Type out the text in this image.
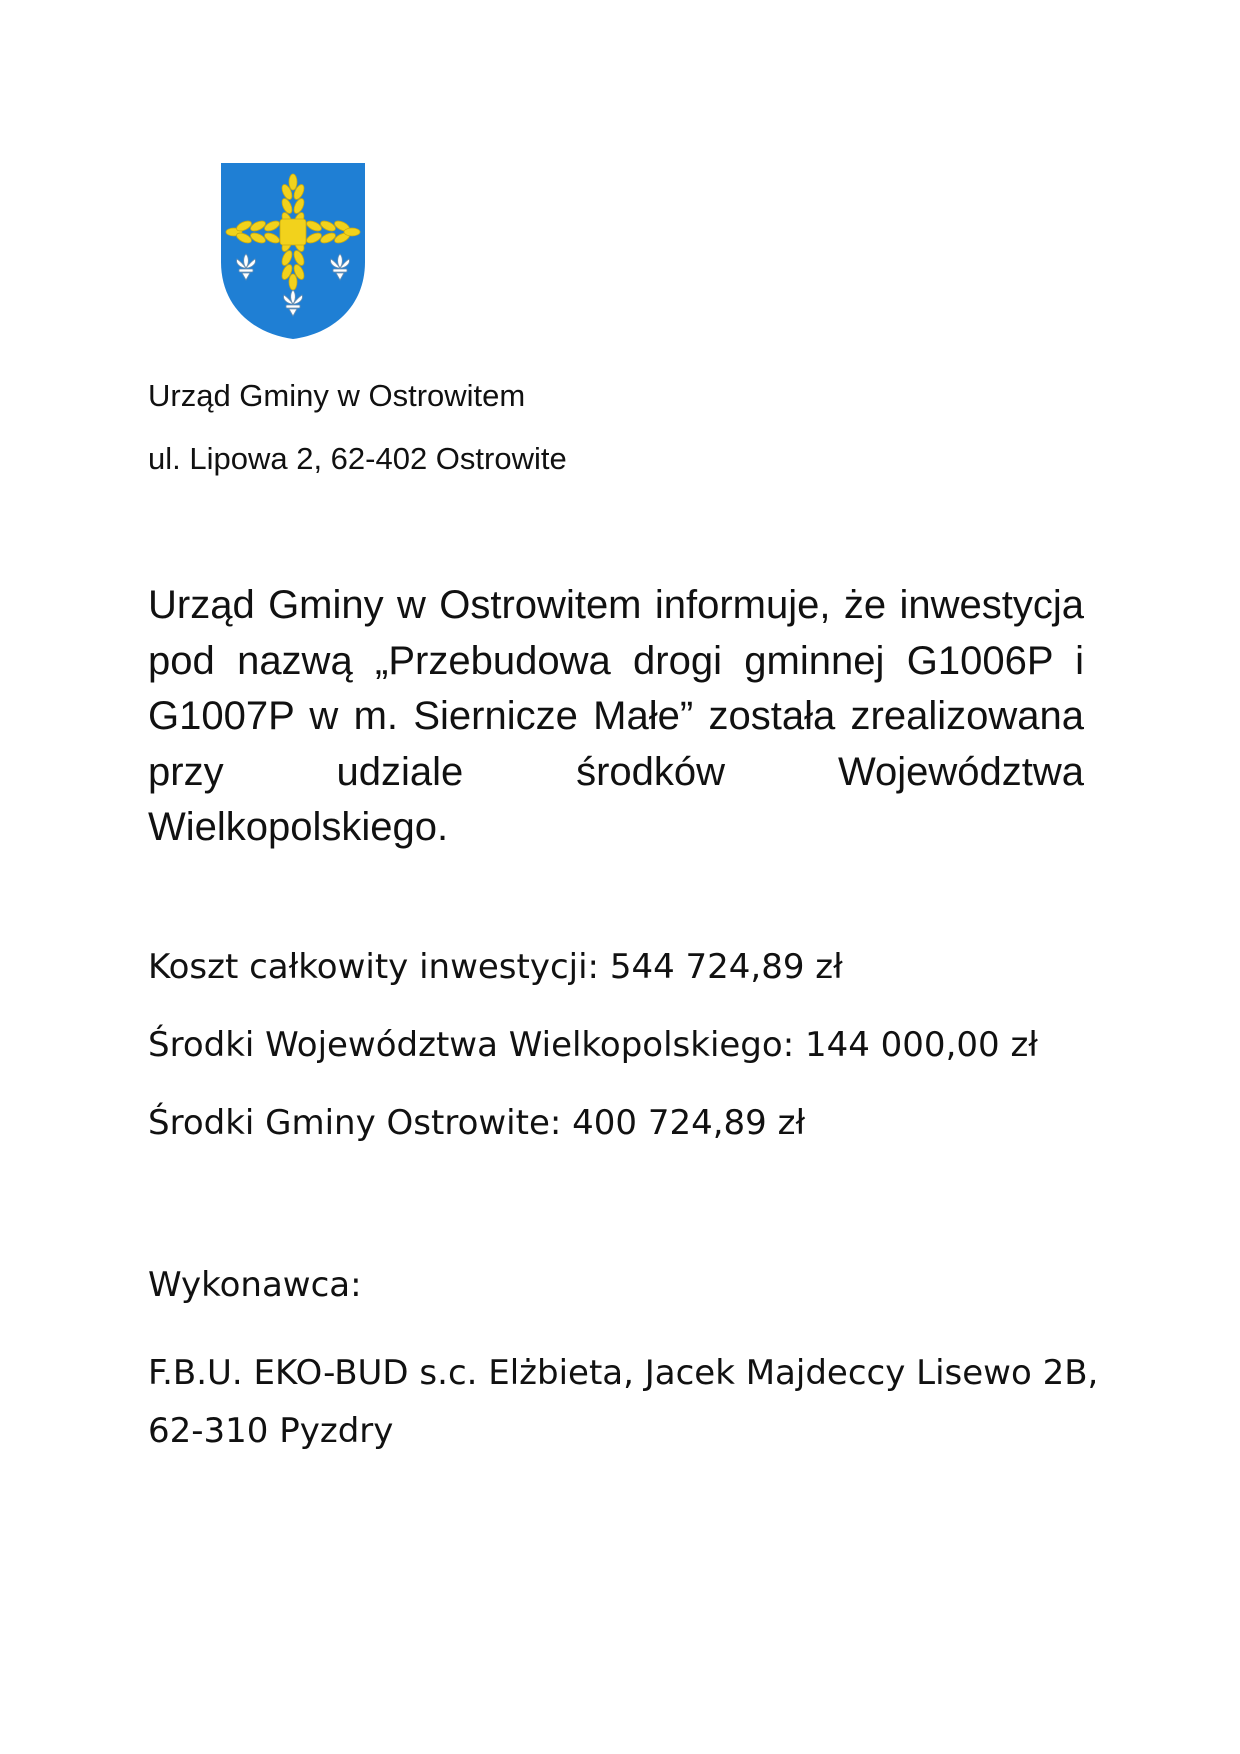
Urząd Gminy w Ostrowitem
ul. Lipowa 2, 62-402 Ostrowite

Urząd Gminy w Ostrowitem informuje, że inwestycja pod nazwą „Przebudowa drogi gminnej G1006P i G1007P w m. Siernicze Małe” została zrealizowana przy udziale środków Województwa Wielkopolskiego.

Koszt całkowity inwestycji: 544 724,89 zł
Środki Województwa Wielkopolskiego: 144 000,00 zł
Środki Gminy Ostrowite: 400 724,89 zł
Wykonawca:
F.B.U. EKO-BUD s.c. Elżbieta, Jacek Majdeccy Lisewo 2B, 62-310 Pyzdry
